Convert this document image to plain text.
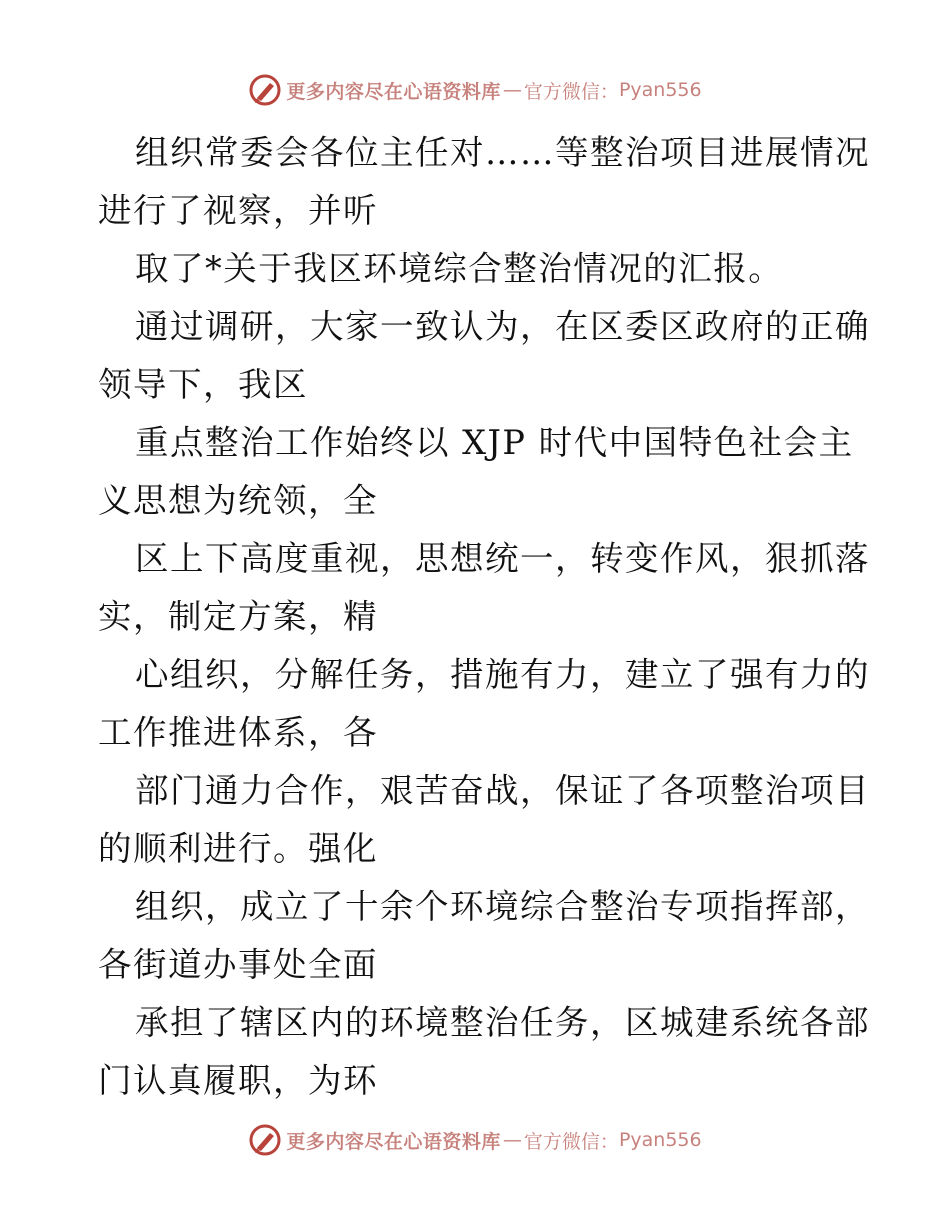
更多内容尽在心语资料库 — 官方微信： Pyan556
组织常委会各位主任对……等整治项目进展情况
进行了视察，并听
取了*关于我区环境综合整治情况的汇报。
通过调研，大家一致认为，在区委区政府的正确
领导下，我区
重点整治工作始终以 XJP 时代中国特色社会主
义思想为统领，全
区上下高度重视，思想统一，转变作风，狠抓落
实，制定方案，精
心组织，分解任务，措施有力，建立了强有力的
工作推进体系，各
部门通力合作，艰苦奋战，保证了各项整治项目
的顺利进行。强化
组织，成立了十余个环境综合整治专项指挥部，
各街道办事处全面
承担了辖区内的环境整治任务，区城建系统各部
门认真履职，为环
更多内容尽在心语资料库 — 官方微信： Pyan556
